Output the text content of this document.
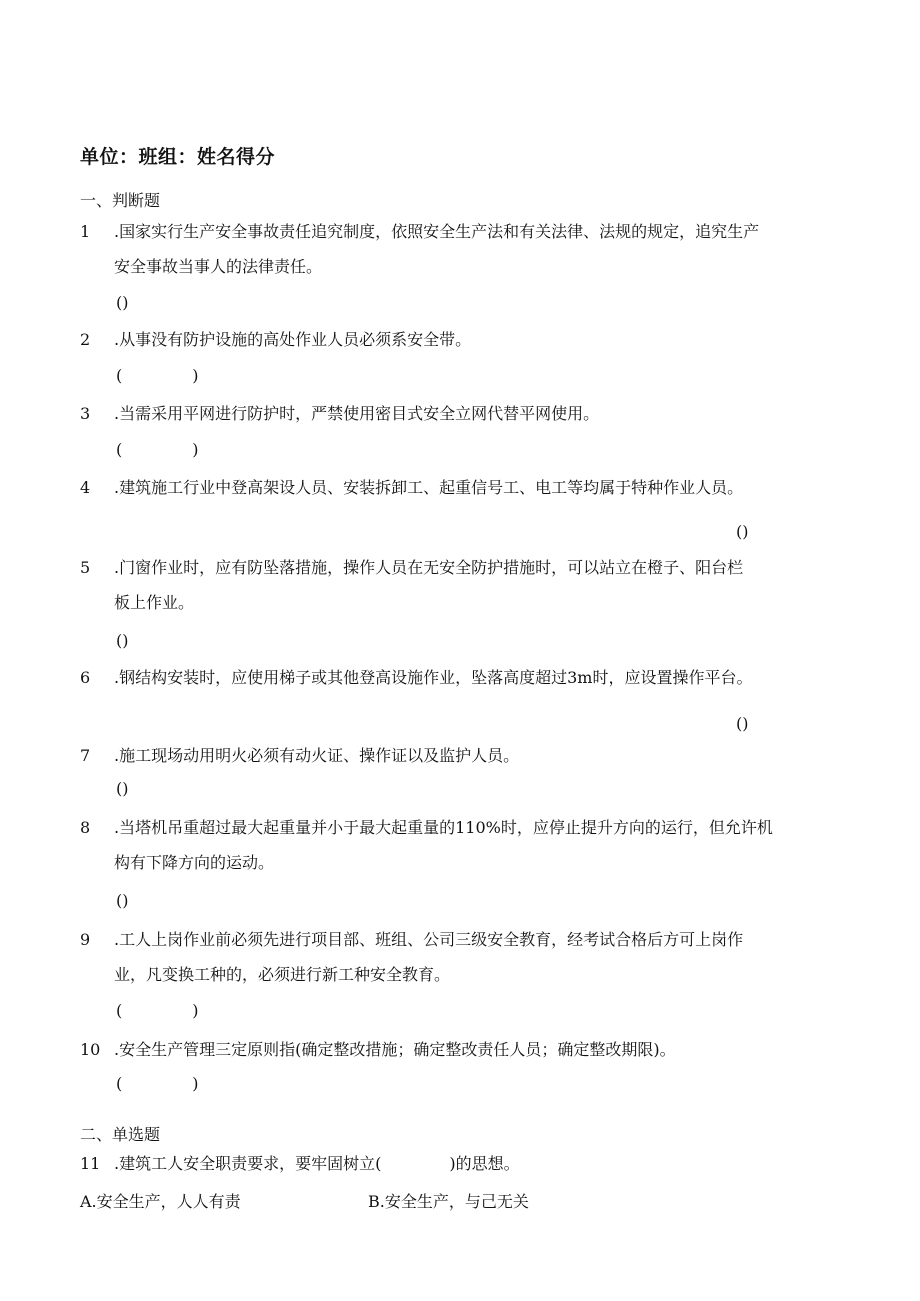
单位：班组：姓名得分
一、判断题
1 .国家实行生产安全事故责任追究制度，依照安全生产法和有关法律、法规的规定，追究生产
安全事故当事人的法律责任。
()
2 .从事没有防护设施的高处作业人员必须系安全带。
(	)
3 .当需采用平网进行防护时，严禁使用密目式安全立网代替平网使用。
(	)
4 .建筑施工行业中登高架设人员、安装拆卸工、起重信号工、电工等均属于特种作业人员。
()
5 .门窗作业时，应有防坠落措施，操作人员在无安全防护措施时，可以站立在橙子、阳台栏
板上作业。
()
6 .钢结构安装时，应使用梯子或其他登高设施作业，坠落高度超过3m时，应设置操作平台。
()
7 .施工现场动用明火必须有动火证、操作证以及监护人员。
()
8 .当塔机吊重超过最大起重量并小于最大起重量的110%时，应停止提升方向的运行，但允许机
构有下降方向的运动。
()
9 .工人上岗作业前必须先进行项目部、班组、公司三级安全教育，经考试合格后方可上岗作
业，凡变换工种的，必须进行新工种安全教育。
(	)
10 .安全生产管理三定原则指(确定整改措施；确定整改责任人员；确定整改期限)。
(	)
二、单选题
11 .建筑工人安全职责要求，要牢固树立(	)的思想。
A.安全生产，人人有责	B.安全生产，与己无关
